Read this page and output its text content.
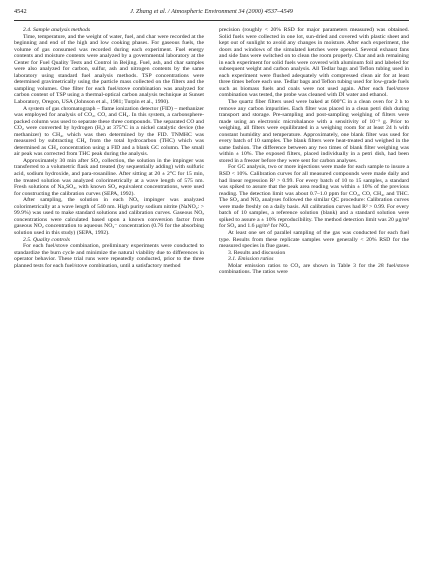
4542	J. Zhang et al. / Atmospheric Environment 34 (2000) 4537–4549

2.4. Sample analysis methods

Time, temperature, and the weight of water, fuel, and char were recorded at the beginning and end of the high and low cooking phases. For gaseous fuels, the volume of gas consumed was recorded during each experiment. Fuel energy contents and moisture contents were analyzed by a governmental laboratory at the Center for Fuel Quality Tests and Control in Beijing. Fuel, ash, and char samples were also analyzed for carbon, sulfur, ash and nitrogen contents by the same laboratory using standard fuel analysis methods. TSP concentrations were determined gravimetrically using the particle mass collected on the filters and the sampling volumes. One filter for each fuel/stove combination was analyzed for carbon content of TSP using a thermal-optical carbon analysis technique at Sunset Laboratory, Oregon, USA (Johnson et al., 1981; Turpin et al., 1990).

A system of gas chromatograph – flame ionization detector (FID) – methanizer was employed for analysis of CO₂, CO, and CH₄. In this system, a carbonsphere-packed column was used to separate these three compounds. The separated CO and CO₂ were converted by hydrogen (H₂) at 375°C in a nickel catalytic device (the methanizer) to CH₄, which was then determined by the FID. TNMHC was measured by subtracting CH₄ from the total hydrocarbon (THC) which was determined as CH₄ concentration using a FID and a blank GC column. The small air peak was corrected from THC peak during the analysis.

Approximately 30 min after SO₂ collection, the solution in the impinger was transferred to a volumetric flask and treated (by sequentially adding) with sulfuric acid, sodium hydroxide, and para-rosaniline. After sitting at 20 ± 2°C for 15 min, the treated solution was analyzed colorimetrically at a wave length of 575 nm. Fresh solutions of Na₂SO₃, with known SO₂ equivalent concentrations, were used for constructing the calibration curves (SEPA, 1992).

After sampling, the solution in each NOₓ impinger was analyzed colorimetrically at a wave length of 540 nm. High purity sodium nitrite (NaNO₂: > 99.9%) was used to make standard solutions and calibration curves. Gaseous NOₓ concentrations were calculated based upon a known conversion factor from gaseous NO₂ concentration to aqueous NO₂⁻ concentration (0.76 for the absorbing solution used in this study) (SEPA, 1992).

2.5. Quality controls

For each fuel/stove combination, preliminary experiments were conducted to standardize the burn cycle and minimize the natural viability due to differences in operator behavior. These trial runs were repeatedly conducted, prior to the three planned tests for each fuel/stove combination, until a satisfactory method

precision (roughly < 20% RSD for major parameters measured) was obtained. Solid fuels were collected in one lot, sun-dried and covered with plastic sheet and kept out of sunlight to avoid any changes in moisture. After each experiment, the doors and windows of the simulated ketches were opened. Several exhaust fans and side fans were switched on to clean the room properly. Char and ash remaining in each experiment for solid fuels were covered with aluminum foil and labeled for subsequent weight and carbon analysis. All Tedlar bags and Teflon tubing used in each experiment were flushed adequately with compressed clean air for at least three times before each use. Tedlar bags and Teflon tubing used for low-grade fuels such as biomass fuels and coals were not used again. After each fuel/stove combination was tested, the probe was cleaned with DI water and ethanol.

The quartz fiber filters used were baked at 600°C in a clean oven for 2 h to remove any carbon impurities. Each filter was placed in a clean petri dish during transport and storage. Pre-sampling and post-sampling weighing of filters were made using an electronic microbalance with a sensitivity of 10⁻⁵ g. Prior to weighing, all filters were equilibrated in a weighing room for at least 24 h with constant humidity and temperature. Approximately, one blank filter was used for every batch of 10 samples. The blank filters were heat-treated and weighed in the same fashion. The difference between any two times of blank filter weighing was within ± 10%. The exposed filters, placed individually in a petri dish, had been stored in a freezer before they were sent for carbon analyses.

For GC analysis, two or more injections were made for each sample to insure a RSD < 10%. Calibration curves for all measured compounds were made daily and had linear regression R² > 0.99. For every batch of 10 to 15 samples, a standard was spiked to assure that the peak area reading was within ± 10% of the previous reading. The detection limit was about 0.7–1.0 ppm for CO₂, CO, CH₄, and THC. The SO₂ and NOₓ analyses followed the similar QC procedure: Calibration curves were made freshly on a daily basis. All calibration curves had R² > 0.99. For every batch of 10 samples, a reference solution (blank) and a standard solution were spiked to assure a ± 10% reproducibility. The method detection limit was 20 μg/m³ for SO₂ and 1.6 μg/m³ for NOₓ.

At least one set of parallel sampling of the gas was conducted for each fuel type. Results from these replicate samples were generally < 20% RSD for the measured species in flue gases.

3. Results and discussion

3.1. Emission ratios

Molar emission ratios to CO₂ are shown in Table 3 for the 28 fuel/stove combinations. The ratios were
